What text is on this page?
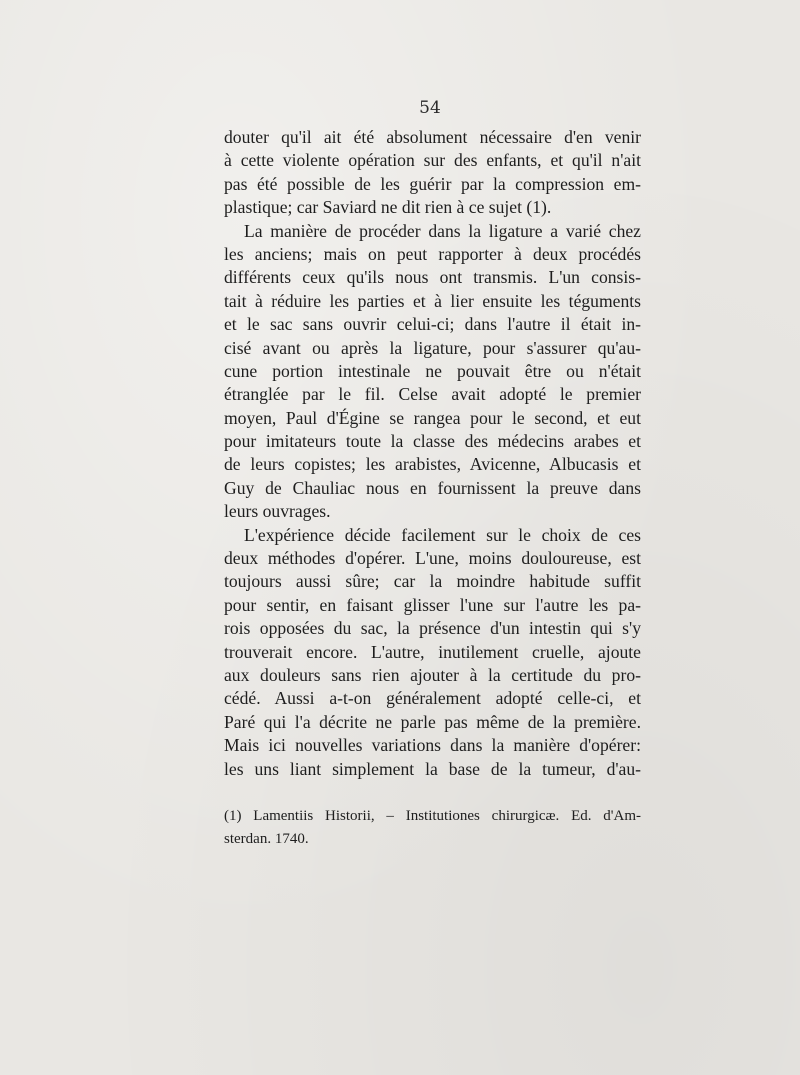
54
douter qu'il ait été absolument nécessaire d'en venir
à cette violente opération sur des enfants, et qu'il n'ait
pas été possible de les guérir par la compression em-
plastique; car Saviard ne dit rien à ce sujet (1).
La manière de procéder dans la ligature a varié chez
les anciens; mais on peut rapporter à deux procédés
différents ceux qu'ils nous ont transmis. L'un consis-
tait à réduire les parties et à lier ensuite les téguments
et le sac sans ouvrir celui-ci; dans l'autre il était in-
cisé avant ou après la ligature, pour s'assurer qu'au-
cune portion intestinale ne pouvait être ou n'était
étranglée par le fil. Celse avait adopté le premier
moyen, Paul d'Égine se rangea pour le second, et eut
pour imitateurs toute la classe des médecins arabes et
de leurs copistes; les arabistes, Avicenne, Albucasis et
Guy de Chauliac nous en fournissent la preuve dans
leurs ouvrages.
L'expérience décide facilement sur le choix de ces
deux méthodes d'opérer. L'une, moins douloureuse, est
toujours aussi sûre; car la moindre habitude suffit
pour sentir, en faisant glisser l'une sur l'autre les pa-
rois opposées du sac, la présence d'un intestin qui s'y
trouverait encore. L'autre, inutilement cruelle, ajoute
aux douleurs sans rien ajouter à la certitude du pro-
cédé. Aussi a-t-on généralement adopté celle-ci, et
Paré qui l'a décrite ne parle pas même de la première.
Mais ici nouvelles variations dans la manière d'opérer:
les uns liant simplement la base de la tumeur, d'au-
(1) Lamentiis Historii, – Institutiones chirurgicæ. Ed. d'Am-
sterdan. 1740.
